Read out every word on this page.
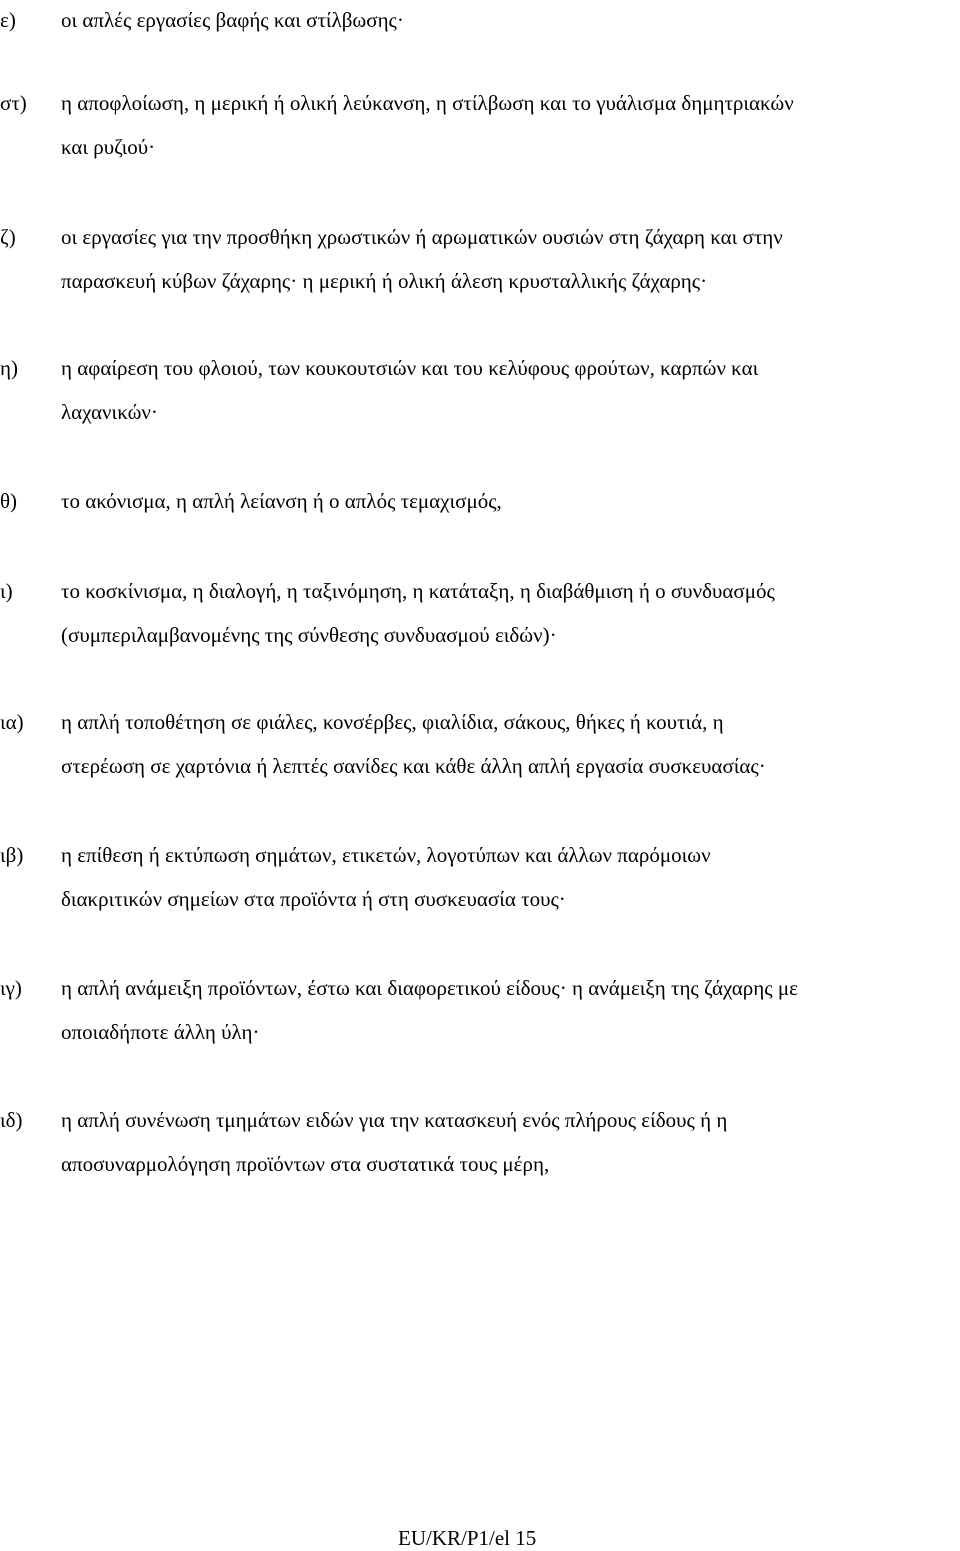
ε) οι απλές εργασίες βαφής και στίλβωσης·
στ) η αποφλοίωση, η μερική ή ολική λεύκανση, η στίλβωση και το γυάλισμα δημητριακών
και ρυζιού·
ζ) οι εργασίες για την προσθήκη χρωστικών ή αρωματικών ουσιών στη ζάχαρη και στην
παρασκευή κύβων ζάχαρης· η μερική ή ολική άλεση κρυσταλλικής ζάχαρης·
η) η αφαίρεση του φλοιού, των κουκουτσιών και του κελύφους φρούτων, καρπών και
λαχανικών·
θ) το ακόνισμα, η απλή λείανση ή ο απλός τεμαχισμός,
ι) το κοσκίνισμα, η διαλογή, η ταξινόμηση, η κατάταξη, η διαβάθμιση ή ο συνδυασμός
(συμπεριλαμβανομένης της σύνθεσης συνδυασμού ειδών)·
ια) η απλή τοποθέτηση σε φιάλες, κονσέρβες, φιαλίδια, σάκους, θήκες ή κουτιά, η
στερέωση σε χαρτόνια ή λεπτές σανίδες και κάθε άλλη απλή εργασία συσκευασίας·
ιβ) η επίθεση ή εκτύπωση σημάτων, ετικετών, λογοτύπων και άλλων παρόμοιων
διακριτικών σημείων στα προϊόντα ή στη συσκευασία τους·
ιγ) η απλή ανάμειξη προϊόντων, έστω και διαφορετικού είδους· η ανάμειξη της ζάχαρης με
οποιαδήποτε άλλη ύλη·
ιδ) η απλή συνένωση τμημάτων ειδών για την κατασκευή ενός πλήρους είδους ή η
αποσυναρμολόγηση προϊόντων στα συστατικά τους μέρη,
EU/KR/P1/el 15
